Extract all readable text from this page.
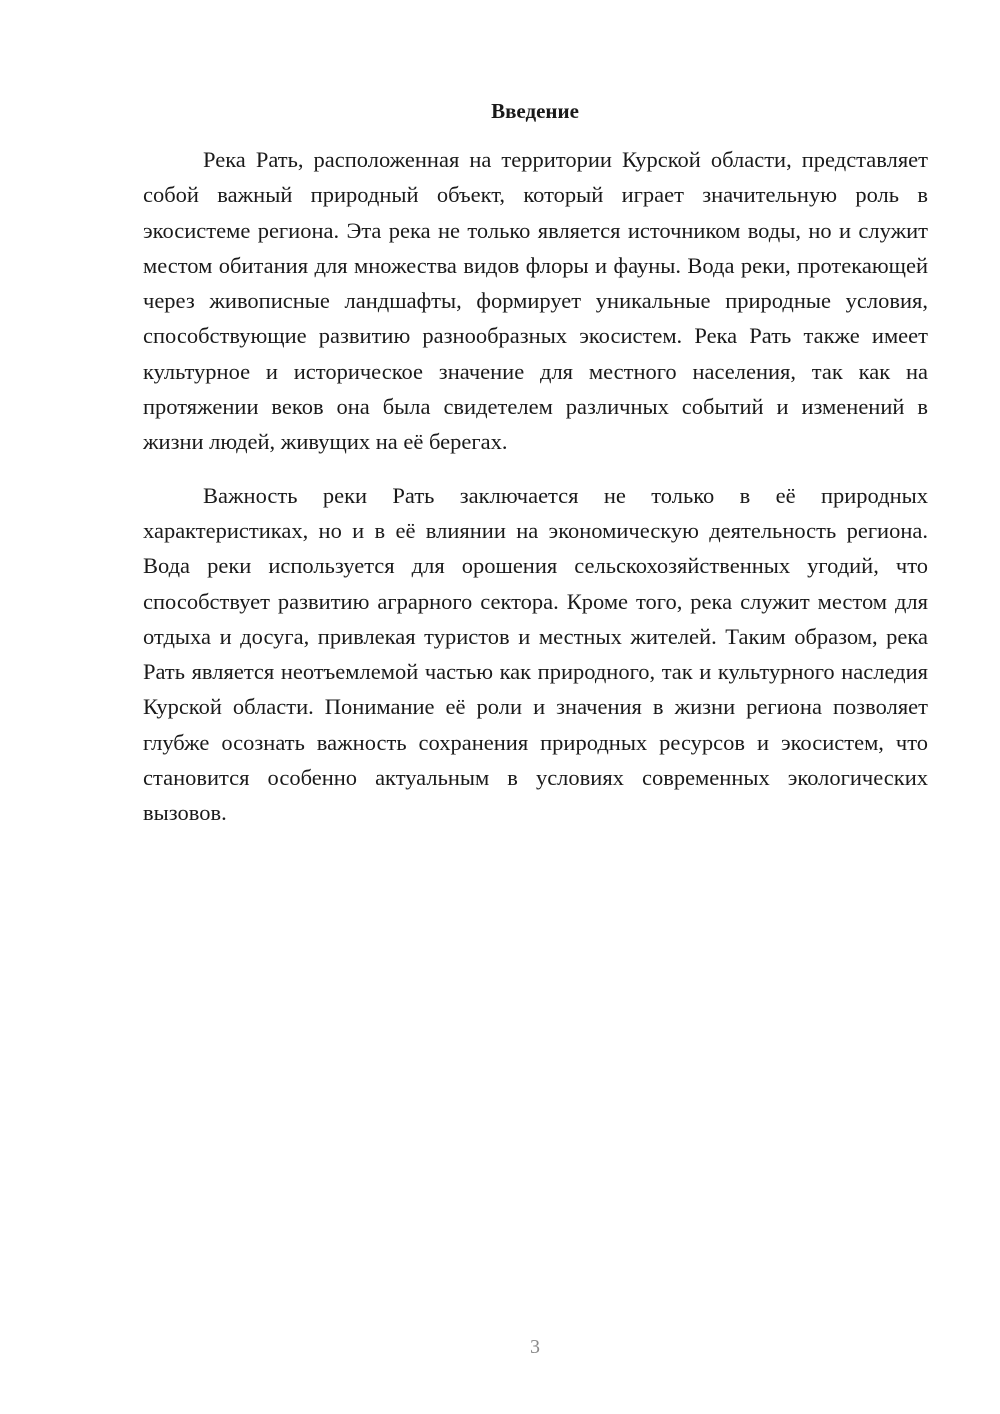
Введение

Река Рать, расположенная на территории Курской области, представляет собой важный природный объект, который играет значительную роль в экосистеме региона. Эта река не только является источником воды, но и служит местом обитания для множества видов флоры и фауны. Вода реки, протекающей через живописные ландшафты, формирует уникальные природные условия, способствующие развитию разнообразных экосистем. Река Рать также имеет культурное и историческое значение для местного населения, так как на протяжении веков она была свидетелем различных событий и изменений в жизни людей, живущих на её берегах.

Важность реки Рать заключается не только в её природных характеристиках, но и в её влиянии на экономическую деятельность региона. Вода реки используется для орошения сельскохозяйственных угодий, что способствует развитию аграрного сектора. Кроме того, река служит местом для отдыха и досуга, привлекая туристов и местных жителей. Таким образом, река Рать является неотъемлемой частью как природного, так и культурного наследия Курской области. Понимание её роли и значения в жизни региона позволяет глубже осознать важность сохранения природных ресурсов и экосистем, что становится особенно актуальным в условиях современных экологических вызовов.

3
